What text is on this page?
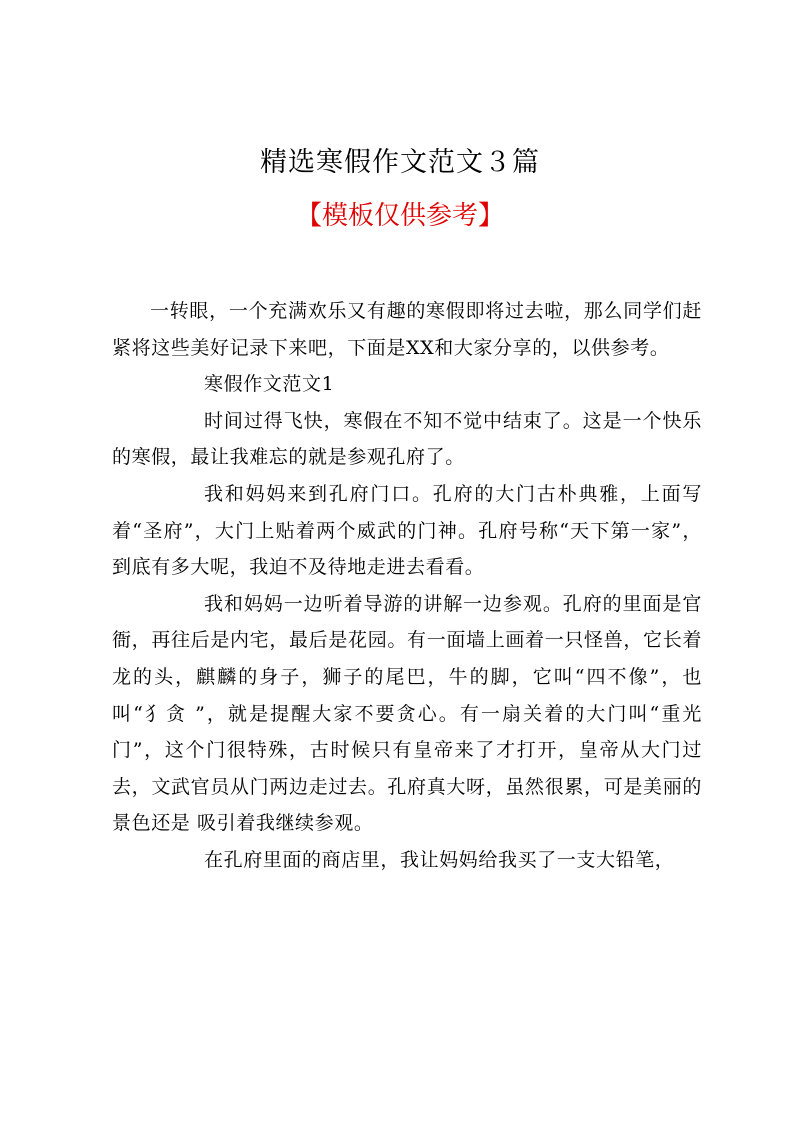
精选寒假作文范文３篇
【模板仅供参考】

一转眼，一个充满欢乐又有趣的寒假即将过去啦，那么同学们赶紧将这些美好记录下来吧，下面是XX和大家分享的，以供参考。

寒假作文范文1

时间过得飞快，寒假在不知不觉中结束了。这是一个快乐的寒假，最让我难忘的就是参观孔府了。

我和妈妈来到孔府门口。孔府的大门古朴典雅，上面写着“圣府”，大门上贴着两个威武的门神。孔府号称“天下第一家”，到底有多大呢，我迫不及待地走进去看看。

我和妈妈一边听着导游的讲解一边参观。孔府的里面是官衙，再往后是内宅，最后是花园。有一面墙上画着一只怪兽，它长着龙的头，麒麟的身子，狮子的尾巴，牛的脚，它叫“四不像”，也叫“犭贪 ”，就是提醒大家不要贪心。有一扇关着的大门叫“重光门”，这个门很特殊，古时候只有皇帝来了才打开，皇帝从大门过去，文武官员从门两边走过去。孔府真大呀，虽然很累，可是美丽的景色还是 吸引着我继续参观。

在孔府里面的商店里，我让妈妈给我买了一支大铅笔，
